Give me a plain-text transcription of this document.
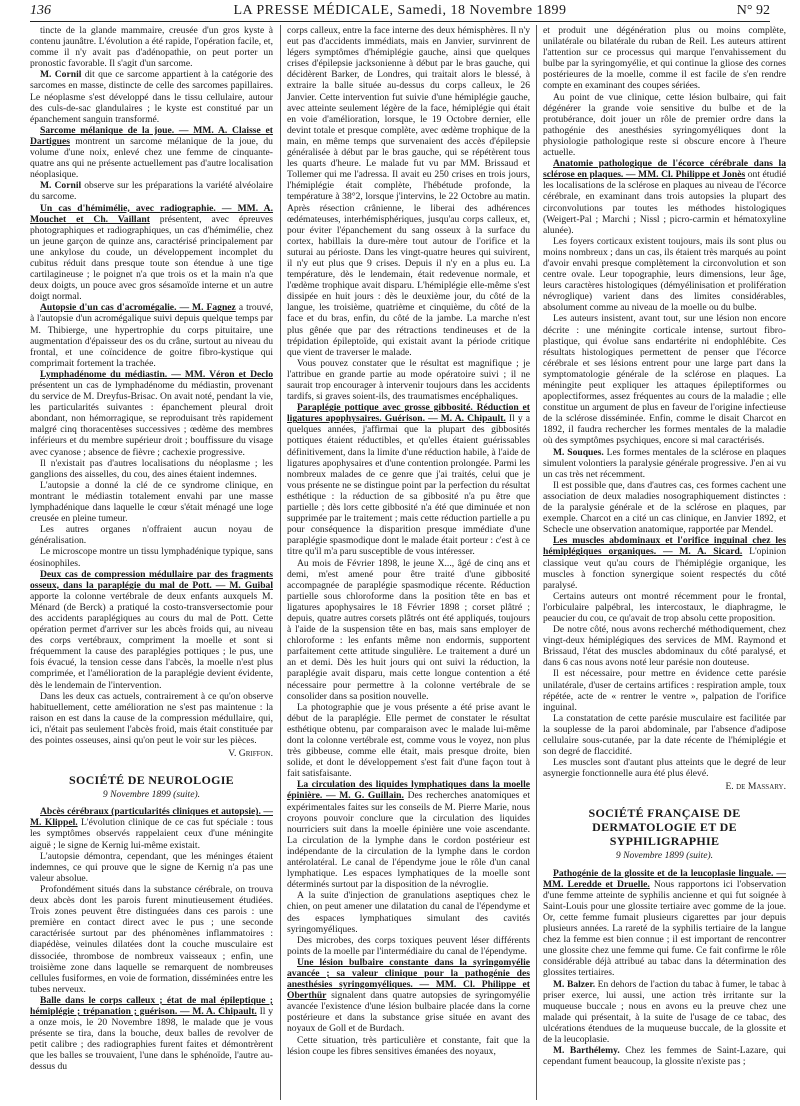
136	LA PRESSE MÉDICALE, Samedi, 18 Novembre 1899	N° 92

tincte de la glande mammaire, creusée d'un gros kyste à contenu jaunâtre. L'évolution a été rapide, l'opération facile, et, comme il n'y avait pas d'adénopathie, on peut porter un pronostic favorable. Il s'agit d'un sarcome.

M. Cornil dit que ce sarcome appartient à la catégorie des sarcomes en masse, distincte de celle des sarcomes papillaires. Le néoplasme s'est développé dans le tissu cellulaire, autour des culs-de-sac glandulaires ; le kyste est constitué par un épanchement sanguin transformé.

Sarcome mélanique de la joue. — MM. A. Claisse et Dartigues montrent un sarcome mélanique de la joue, du volume d'une noix, enlevé chez une femme de cinquante-quatre ans qui ne présente actuellement pas d'autre localisation néoplasique.

M. Cornil observe sur les préparations la variété alvéolaire du sarcome.

Un cas d'hémimélie, avec radiographie. — MM. A. Mouchet et Ch. Vaillant présentent, avec épreuves photographiques et radiographiques, un cas d'hémimélie, chez un jeune garçon de quinze ans, caractérisé principalement par une ankylose du coude, un développement incomplet du cubitus réduit dans presque toute son étendue à une tige cartilagineuse ; le poignet n'a que trois os et la main n'a que deux doigts, un pouce avec gros sésamoïde interne et un autre doigt normal.

Autopsie d'un cas d'acromégalie. — M. Fagnez a trouvé, à l'autopsie d'un acromégalique suivi depuis quelque temps par M. Thibierge, une hypertrophie du corps pituitaire, une augmentation d'épaisseur des os du crâne, surtout au niveau du frontal, et une coïncidence de goitre fibro-kystique qui comprimait fortement la trachée.

Lymphadénome du médiastin. — MM. Véron et Declo présentent un cas de lymphadénome du médiastin, provenant du service de M. Dreyfus-Brisac. On avait noté, pendant la vie, les particularités suivantes : épanchement pleural droit abondant, non hémorragique, se reproduisant très rapidement malgré cinq thoracentèses successives ; œdème des membres inférieurs et du membre supérieur droit ; bouffissure du visage avec cyanose ; absence de fièvre ; cachexie progressive.

Il n'existait pas d'autres localisations du néoplasme ; les ganglions des aisselles, du cou, des aines étaient indemnes.

L'autopsie a donné la clé de ce syndrome clinique, en montrant le médiastin totalement envahi par une masse lymphadénique dans laquelle le cœur s'était ménagé une loge creusée en pleine tumeur.

Les autres organes n'offraient aucun noyau de généralisation.

Le microscope montre un tissu lymphadénique typique, sans éosinophiles.

Deux cas de compression médullaire par des fragments osseux, dans la paraplégie du mal de Pott. — M. Guibal apporte la colonne vertébrale de deux enfants auxquels M. Ménard (de Berck) a pratiqué la costo-transversectomie pour des accidents paraplégiques au cours du mal de Pott. Cette opération permet d'arriver sur les abcès froids qui, au niveau des corps vertébraux, compriment la moelle et sont si fréquemment la cause des paraplégies pottiques ; le pus, une fois évacué, la tension cesse dans l'abcès, la moelle n'est plus comprimée, et l'amélioration de la paraplégie devient évidente, dès le lendemain de l'intervention.

Dans les deux cas actuels, contrairement à ce qu'on observe habituellement, cette amélioration ne s'est pas maintenue : la raison en est dans la cause de la compression médullaire, qui, ici, n'était pas seulement l'abcès froid, mais était constituée par des pointes osseuses, ainsi qu'on peut le voir sur les pièces.

V. Griffon.
SOCIÉTÉ DE NEUROLOGIE
9 Novembre 1899 (suite).

Abcès cérébraux (particularités cliniques et autopsie). — M. Klippel. L'évolution clinique de ce cas fut spéciale : tous les symptômes observés rappelaient ceux d'une méningite aiguë ; le signe de Kernig lui-même existait.

L'autopsie démontra, cependant, que les méninges étaient indemnes, ce qui prouve que le signe de Kernig n'a pas une valeur absolue.

Profondément situés dans la substance cérébrale, on trouva deux abcès dont les parois furent minutieusement étudiées. Trois zones peuvent être distinguées dans ces parois : une première en contact direct avec le pus ; une seconde caractérisée surtout par des phénomènes inflammatoires : diapédèse, veinules dilatées dont la couche musculaire est dissociée, thrombose de nombreux vaisseaux ; enfin, une troisième zone dans laquelle se remarquent de nombreuses cellules fusiformes, en voie de formation, disséminées entre les tubes nerveux.

Balle dans le corps calleux ; état de mal épileptique ; hémiplégie ; trépanation ; guérison. — M. A. Chipault. Il y a onze mois, le 20 Novembre 1898, le malade que je vous présente se tira, dans la bouche, deux balles de revolver de petit calibre ; des radiographies furent faites et démontrèrent que les balles se trouvaient, l'une dans le sphénoïde, l'autre au-dessus du

corps calleux, entre la face interne des deux hémisphères. Il n'y eut pas d'accidents immédiats, mais en Janvier, survinrent de légers symptômes d'hémiplégie gauche, ainsi que quelques crises d'épilepsie jacksonienne à début par le bras gauche, qui décidèrent Barker, de Londres, qui traitait alors le blessé, à extraire la balle située au-dessus du corps calleux, le 26 Janvier. Cette intervention fut suivie d'une hémiplégie gauche, avec atteinte seulement légère de la face, hémiplégie qui était en voie d'amélioration, lorsque, le 19 Octobre dernier, elle devint totale et presque complète, avec œdème trophique de la main, en même temps que survenaient des accès d'épilepsie généralisée à début par le bras gauche, qui se répétèrent tous les quarts d'heure. Le malade fut vu par MM. Brissaud et Tollemer qui me l'adressa. Il avait eu 250 crises en trois jours, l'hémiplégie était complète, l'hébétude profonde, la température à 38°2, lorsque j'intervins, le 22 Octobre au matin. Après résection crânienne, le liberai des adhérences œdémateuses, interhémisphériques, jusqu'au corps calleux, et, pour éviter l'épanchement du sang osseux à la surface du cortex, habillais la dure-mère tout autour de l'orifice et la suturai au périoste. Dans les vingt-quatre heures qui suivirent, il n'y eut plus que 9 crises. Depuis il n'y en a plus eu. La température, dès le lendemain, était redevenue normale, et l'œdème trophique avait disparu. L'hémiplégie elle-même s'est dissipée en huit jours : dès le deuxième jour, du côté de la langue, les troisième, quatrième et cinquième, du côté de la face et du bras, enfin, du côté de la jambe. La marche n'est plus gênée que par des rétractions tendineuses et de la trépidation épileptoïde, qui existait avant la période critique que vient de traverser le malade.

Vous pouvez constater que le résultat est magnifique ; je l'attribue en grande partie au mode opératoire suivi ; il ne saurait trop encourager à intervenir toujours dans les accidents tardifs, si graves soient-ils, des traumatismes encéphaliques.

Paraplégie pottique avec grosse gibbosité. Réduction et ligatures apophysaires. Guérison. — M. A. Chipault. Il y a quelques années, j'affirmai que la plupart des gibbosités pottiques étaient réductibles, et qu'elles étaient guérissables définitivement, dans la limite d'une réduction habile, à l'aide de ligatures apophysaires et d'une contention prolongée. Parmi les nombreux malades de ce genre que j'ai traités, celui que je vous présente ne se distingue point par la perfection du résultat esthétique : la réduction de sa gibbosité n'a pu être que partielle ; dès lors cette gibbosité n'a été que diminuée et non supprimée par le traitement ; mais cette réduction partielle a pu pour conséquence la disparition presque immédiate d'une paraplégie spasmodique dont le malade était porteur : c'est à ce titre qu'il m'a paru susceptible de vous intéresser.

Au mois de Février 1898, le jeune X..., âgé de cinq ans et demi, m'est amené pour être traité d'une gibbosité accompagnée de paraplégie spasmodique récente. Réduction partielle sous chloroforme dans la position tête en bas et ligatures apophysaires le 18 Février 1898 ; corset plâtré ; depuis, quatre autres corsets plâtrés ont été appliqués, toujours à l'aide de la suspension tête en bas, mais sans employer de chloroforme : les enfants même non endormis, supportent parfaitement cette attitude singulière. Le traitement a duré un an et demi. Dès les huit jours qui ont suivi la réduction, la paraplégie avait disparu, mais cette longue contention a été nécessaire pour permettre à la colonne vertébrale de se consolider dans sa position nouvelle.

La photographie que je vous présente a été prise avant le début de la paraplégie. Elle permet de constater le résultat esthétique obtenu, par comparaison avec le malade lui-même dont la colonne vertébrale est, comme vous le voyez, non plus très gibbeuse, comme elle était, mais presque droite, bien solide, et dont le développement s'est fait d'une façon tout à fait satisfaisante.

La circulation des liquides lymphatiques dans la moelle épinière. — M. G. Guillain. Des recherches anatomiques et expérimentales faites sur les conseils de M. Pierre Marie, nous croyons pouvoir conclure que la circulation des liquides nourriciers suit dans la moelle épinière une voie ascendante. La circulation de la lymphe dans le cordon postérieur est indépendante de la circulation de la lymphe dans le cordon antérolatéral. Le canal de l'épendyme joue le rôle d'un canal lymphatique. Les espaces lymphatiques de la moelle sont déterminés surtout par la disposition de la névroglie.

A la suite d'injection de granulations aseptiques chez le chien, on peut amener une dilatation du canal de l'épendyme et des espaces lymphatiques simulant des cavités syringomyéliques.

Des microbes, des corps toxiques peuvent léser différents points de la moelle par l'intermédiaire du canal de l'épendyme.

Une lésion bulbaire constante dans la syringomyélie avancée ; sa valeur clinique pour la pathogénie des anesthésies syringomyéliques. — MM. Cl. Philippe et Oberthür signalent dans quatre autopsies de syringomyélie avancée l'existence d'une lésion bulbaire placée dans la corne postérieure et dans la substance grise située en avant des noyaux de Goll et de Burdach.

Cette situation, très particulière et constante, fait que la lésion coupe les fibres sensitives émanées des noyaux,

et produit une dégénération plus ou moins complète, unilatérale ou bilatérale du ruban de Reil. Les auteurs attirent l'attention sur ce processus qui marque l'envahissement du bulbe par la syringomyélie, et qui continue la gliose des cornes postérieures de la moelle, comme il est facile de s'en rendre compte en examinant des coupes sériées.

Au point de vue clinique, cette lésion bulbaire, qui fait dégénérer la grande voie sensitive du bulbe et de la protubérance, doit jouer un rôle de premier ordre dans la pathogénie des anesthésies syringomyéliques dont la physiologie pathologique reste si obscure encore à l'heure actuelle.

Anatomie pathologique de l'écorce cérébrale dans la sclérose en plaques. — MM. Cl. Philippe et Jonès ont étudié les localisations de la sclérose en plaques au niveau de l'écorce cérébrale, en examinant dans trois autopsies la plupart des circonvolutions par toutes les méthodes histologiques (Weigert-Pal ; Marchi ; Nissl ; picro-carmin et hématoxyline alunée).

Les foyers corticaux existent toujours, mais ils sont plus ou moins nombreux ; dans un cas, ils étaient très marqués au point d'avoir envahi presque complètement la circonvolution et son centre ovale. Leur topographie, leurs dimensions, leur âge, leurs caractères histologiques (démyélinisation et prolifération névroglique) varient dans des limites considérables, absolument comme au niveau de la moelle ou du bulbe.

Les auteurs insistent, avant tout, sur une lésion non encore décrite : une méningite corticale intense, surtout fibro-plastique, qui évolue sans endartérite ni endophlébite. Ces résultats histologiques permettent de penser que l'écorce cérébrale et ses lésions entrent pour une large part dans la symptomatologie générale de la sclérose en plaques. La méningite peut expliquer les attaques épileptiformes ou apoplectiformes, assez fréquentes au cours de la maladie ; elle constitue un argument de plus en faveur de l'origine infectieuse de la sclérose disséminée. Enfin, comme le disait Charcot en 1892, il faudra rechercher les formes mentales de la maladie où des symptômes psychiques, encore si mal caractérisés.

M. Souques. Les formes mentales de la sclérose en plaques simulent volontiers la paralysie générale progressive. J'en ai vu un cas très net récemment.

Il est possible que, dans d'autres cas, ces formes cachent une association de deux maladies nosographiquement distinctes : de la paralysie générale et de la sclérose en plaques, par exemple. Charcot en a cité un cas clinique, en Janvier 1892, et Schecle une observation anatomique, rapportée par Mendel.

Les muscles abdominaux et l'orifice inguinal chez les hémiplégiques organiques. — M. A. Sicard. L'opinion classique veut qu'au cours de l'hémiplégie organique, les muscles à fonction synergique soient respectés du côté paralysé.

Certains auteurs ont montré récemment pour le frontal, l'orbiculaire palpébral, les intercostaux, le diaphragme, le peaucier du cou, ce qu'avait de trop absolu cette proposition.

De notre côté, nous avons recherché méthodiquement, chez vingt-deux hémiplégiques des services de MM. Raymond et Brissaud, l'état des muscles abdominaux du côté paralysé, et dans 6 cas nous avons noté leur parésie non douteuse.

Il est nécessaire, pour mettre en évidence cette parésie unilatérale, d'user de certains artifices : respiration ample, toux répétée, acte de « rentrer le ventre », palpation de l'orifice inguinal.

La constatation de cette parésie musculaire est facilitée par la souplesse de la paroi abdominale, par l'absence d'adipose cellulaire sous-cutanée, par la date récente de l'hémiplégie et son degré de flaccidité.

Les muscles sont d'autant plus atteints que le degré de leur asynergie fonctionnelle aura été plus élevé.

E. de Massary.
SOCIÉTÉ FRANÇAISE DE DERMATOLOGIE ET DE SYPHILIGRAPHIE
9 Novembre 1899 (suite).

Pathogénie de la glossite et de la leucoplasie linguale. — MM. Leredde et Druelle. Nous rapportons ici l'observation d'une femme atteinte de syphilis ancienne et qui fut soignée à Saint-Louis pour une glossite tertiaire avec gomme de la joue. Or, cette femme fumait plusieurs cigarettes par jour depuis plusieurs années. La rareté de la syphilis tertiaire de la langue chez la femme est bien connue ; il est important de rencontrer une glossite chez une femme qui fume. Ce fait confirme le rôle considérable déjà attribué au tabac dans la détermination des glossites tertiaires.

M. Balzer. En dehors de l'action du tabac à fumer, le tabac à priser exerce, lui aussi, une action très irritante sur la muqueuse buccale ; nous en avons eu la preuve chez une malade qui présentait, à la suite de l'usage de ce tabac, des ulcérations étendues de la muqueuse buccale, de la glossite et de la leucoplasie.

M. Barthélemy. Chez les femmes de Saint-Lazare, qui cependant fument beaucoup, la glossite n'existe pas ;
